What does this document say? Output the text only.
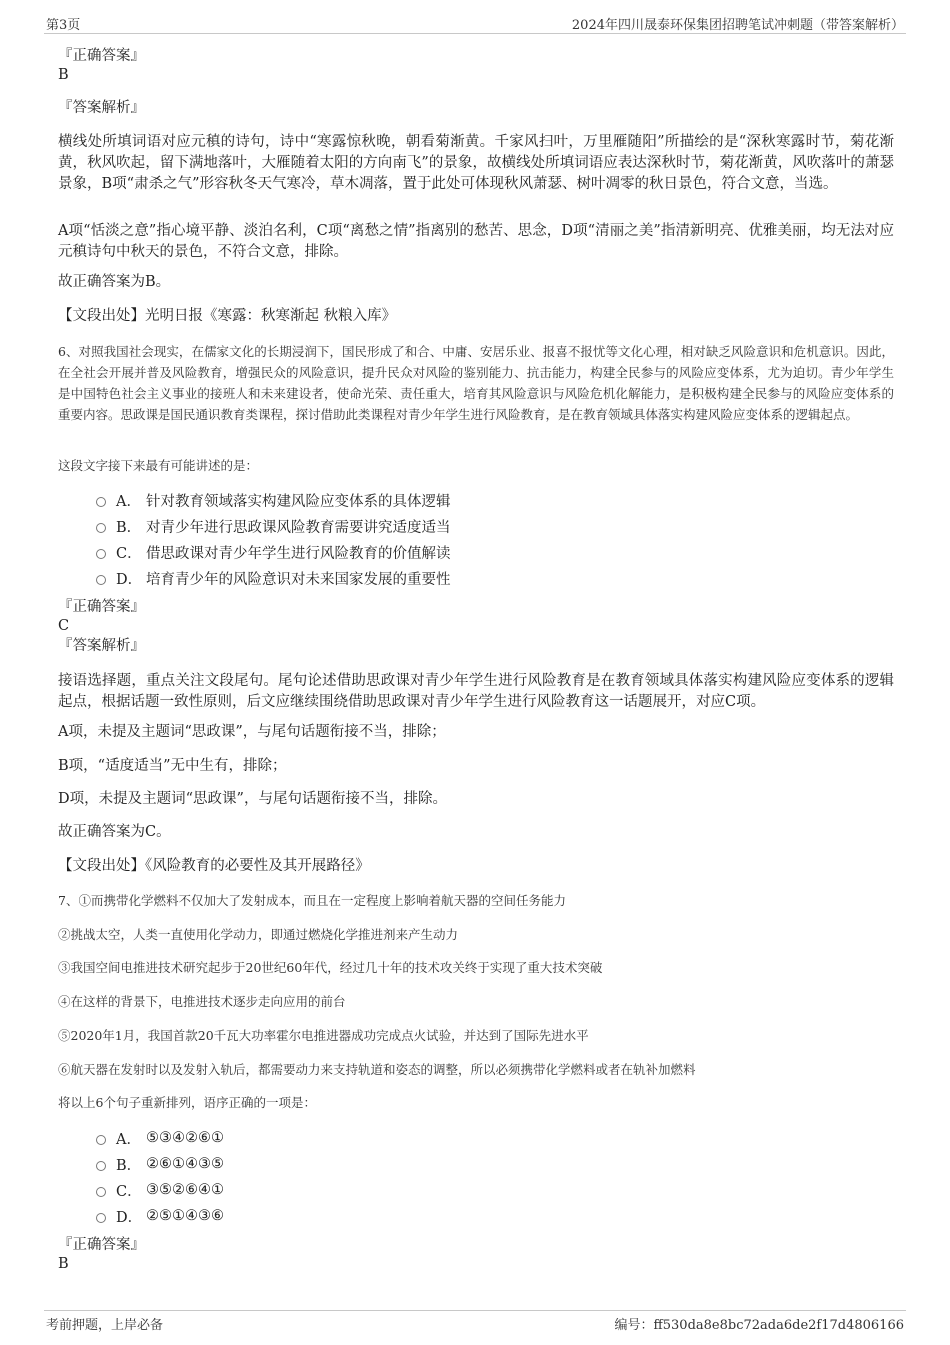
第3页	2024年四川晟泰环保集团招聘笔试冲刺题（带答案解析）
『正确答案』
B
『答案解析』

横线处所填词语对应元稹的诗句，诗中“寒露惊秋晚，朝看菊渐黄。千家风扫叶，万里雁随阳”所描绘的是“深秋寒露时节，菊花渐黄，秋风吹起，留下满地落叶，大雁随着太阳的方向南飞”的景象，故横线处所填词语应表达深秋时节，菊花渐黄，风吹落叶的萧瑟景象，B项“肃杀之气”形容秋冬天气寒冷，草木凋落，置于此处可体现秋风萧瑟、树叶凋零的秋日景色，符合文意，当选。

A项“恬淡之意”指心境平静、淡泊名利，C项“离愁之情”指离别的愁苦、思念，D项“清丽之美”指清新明亮、优雅美丽，均无法对应元稹诗句中秋天的景色，不符合文意，排除。

故正确答案为B。
【文段出处】光明日报《寒露：秋寒渐起 秋粮入库》

6、对照我国社会现实，在儒家文化的长期浸润下，国民形成了和合、中庸、安居乐业、报喜不报忧等文化心理，相对缺乏风险意识和危机意识。因此，在全社会开展并普及风险教育，增强民众的风险意识，提升民众对风险的鉴别能力、抗击能力，构建全民参与的风险应变体系，尤为迫切。青少年学生是中国特色社会主义事业的接班人和未来建设者，使命光荣、责任重大，培育其风险意识与风险危机化解能力，是积极构建全民参与的风险应变体系的重要内容。思政课是国民通识教育类课程，探讨借助此类课程对青少年学生进行风险教育，是在教育领域具体落实构建风险应变体系的逻辑起点。

这段文字接下来最有可能讲述的是：
A． 针对教育领域落实构建风险应变体系的具体逻辑
B． 对青少年进行思政课风险教育需要讲究适度适当
C． 借思政课对青少年学生进行风险教育的价值解读
D． 培育青少年的风险意识对未来国家发展的重要性
『正确答案』
C
『答案解析』

接语选择题，重点关注文段尾句。尾句论述借助思政课对青少年学生进行风险教育是在教育领域具体落实构建风险应变体系的逻辑起点，根据话题一致性原则，后文应继续围绕借助思政课对青少年学生进行风险教育这一话题展开，对应C项。

A项，未提及主题词“思政课”，与尾句话题衔接不当，排除；
B项，“适度适当”无中生有，排除；
D项，未提及主题词“思政课”，与尾句话题衔接不当，排除。
故正确答案为C。
【文段出处】《风险教育的必要性及其开展路径》
7、①而携带化学燃料不仅加大了发射成本，而且在一定程度上影响着航天器的空间任务能力
②挑战太空，人类一直使用化学动力，即通过燃烧化学推进剂来产生动力
③我国空间电推进技术研究起步于20世纪60年代，经过几十年的技术攻关终于实现了重大技术突破
④在这样的背景下，电推进技术逐步走向应用的前台
⑤2020年1月，我国首款20千瓦大功率霍尔电推进器成功完成点火试验，并达到了国际先进水平
⑥航天器在发射时以及发射入轨后，都需要动力来支持轨道和姿态的调整，所以必须携带化学燃料或者在轨补加燃料
将以上6个句子重新排列，语序正确的一项是：
A． ⑤③④②⑥①
B． ②⑥①④③⑤
C． ③⑤②⑥④①
D． ②⑤①④③⑥
『正确答案』
B
考前押题，上岸必备	编号：ff530da8e8bc72ada6de2f17d4806166
